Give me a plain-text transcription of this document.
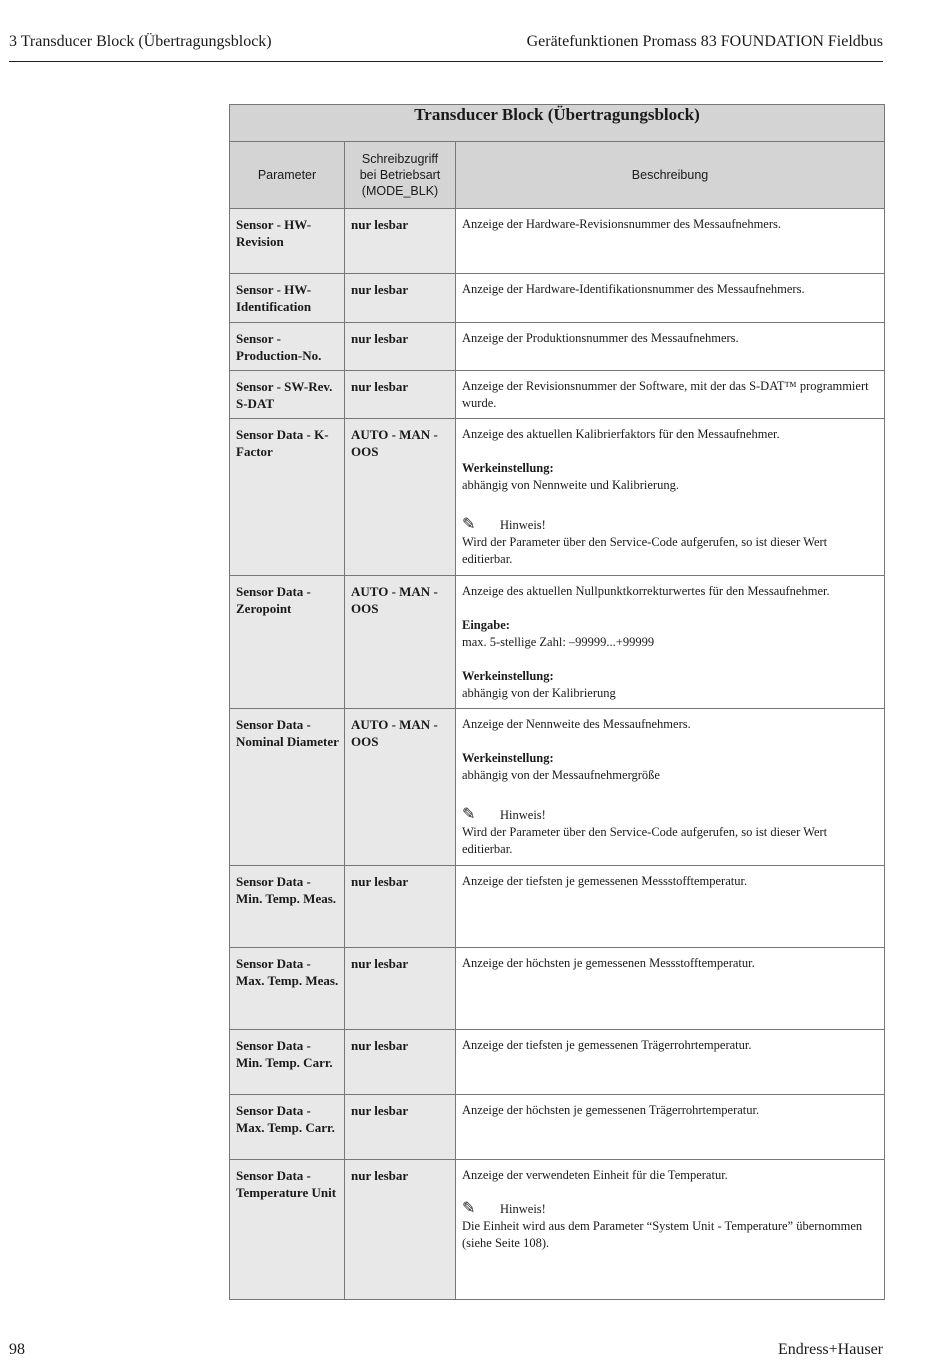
3 Transducer Block (Übertragungsblock)	Gerätefunktionen Promass 83 FOUNDATION Fieldbus
Transducer Block (Übertragungsblock)		
Parameter	Schreibzugriff
bei Betriebsart
(MODE_BLK)	Beschreibung
Sensor - HW-Revision	nur lesbar	Anzeige der Hardware-Revisionsnummer des Messaufnehmers.

Sensor - HW-Identification	nur lesbar	Anzeige der Hardware-Identifikationsnummer des Messaufnehmers.

Sensor - Production-No.	nur lesbar	Anzeige der Produktionsnummer des Messaufnehmers.

Sensor - SW-Rev. S-DAT	nur lesbar	Anzeige der Revisionsnummer der Software, mit der das S-DAT™ programmiert wurde.

Sensor Data - K-Factor	AUTO - MAN - OOS	Anzeige des aktuellen Kalibrierfaktors für den Messaufnehmer.

Werkeinstellung:

abhängig von Nennweite und Kalibrierung.

✎ Hinweis!

Wird der Parameter über den Service-Code aufgerufen, so ist dieser Wert editierbar.

Sensor Data - Zeropoint	AUTO - MAN - OOS	Anzeige des aktuellen Nullpunktkorrekturwertes für den Messaufnehmer.

Eingabe:

max. 5-stellige Zahl: –99999...+99999

Werkeinstellung:

abhängig von der Kalibrierung

Sensor Data - Nominal Diameter	AUTO - MAN - OOS	Anzeige der Nennweite des Messaufnehmers.

Werkeinstellung:

abhängig von der Messaufnehmergröße

✎ Hinweis!

Wird der Parameter über den Service-Code aufgerufen, so ist dieser Wert editierbar.

Sensor Data - Min. Temp. Meas.	nur lesbar	Anzeige der tiefsten je gemessenen Messstofftemperatur.

Sensor Data - Max. Temp. Meas.	nur lesbar	Anzeige der höchsten je gemessenen Messstofftemperatur.

Sensor Data - Min. Temp. Carr.	nur lesbar	Anzeige der tiefsten je gemessenen Trägerrohrtemperatur.

Sensor Data - Max. Temp. Carr.	nur lesbar	Anzeige der höchsten je gemessenen Trägerrohrtemperatur.

Sensor Data - Temperature Unit	nur lesbar	Anzeige der verwendeten Einheit für die Temperatur.

✎ Hinweis!

Die Einheit wird aus dem Parameter “System Unit - Temperature” übernommen (siehe Seite 108).

98	Endress+Hauser
